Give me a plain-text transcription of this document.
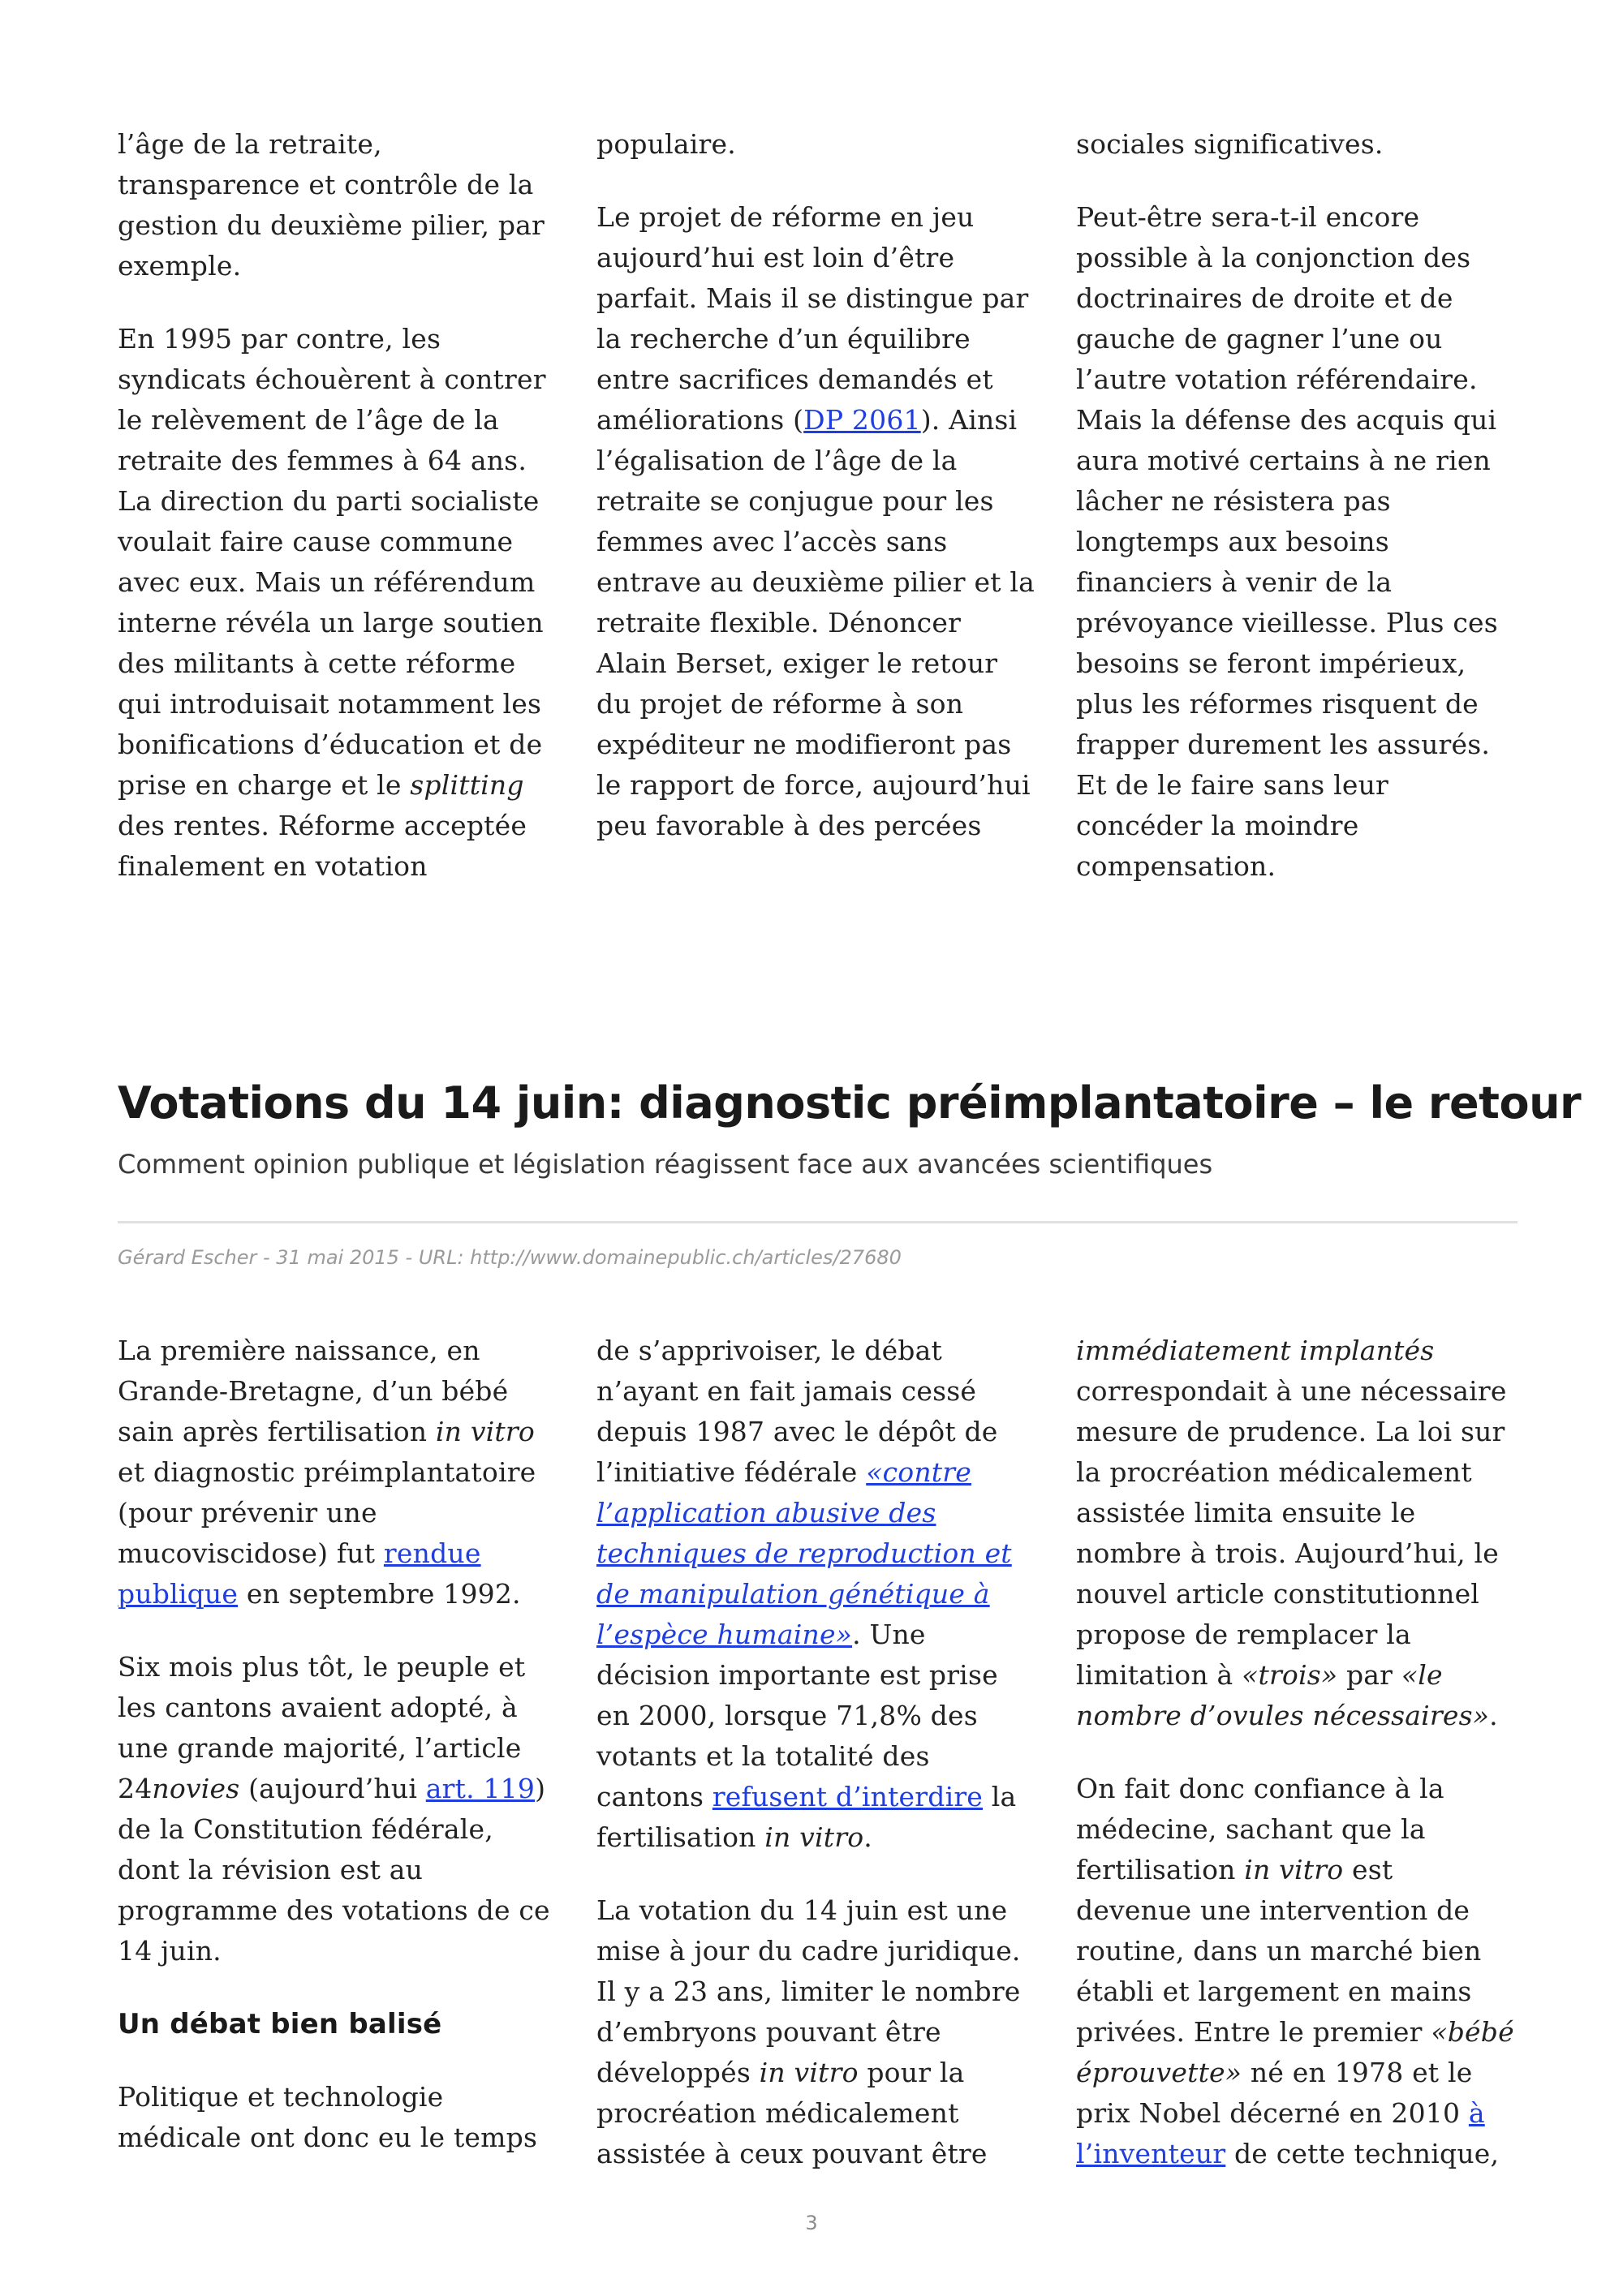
l’âge de la retraite, transparence et contrôle de la gestion du deuxième pilier, par exemple.

En 1995 par contre, les syndicats échouèrent à contrer le relèvement de l’âge de la retraite des femmes à 64 ans. La direction du parti socialiste voulait faire cause commune avec eux. Mais un référendum interne révéla un large soutien des militants à cette réforme qui introduisait notamment les bonifications d’éducation et de prise en charge et le splitting des rentes. Réforme acceptée finalement en votation

populaire.

Le projet de réforme en jeu aujourd’hui est loin d’être parfait. Mais il se distingue par la recherche d’un équilibre entre sacrifices demandés et améliorations (DP 2061). Ainsi l’égalisation de l’âge de la retraite se conjugue pour les femmes avec l’accès sans entrave au deuxième pilier et la retraite flexible. Dénoncer Alain Berset, exiger le retour du projet de réforme à son expéditeur ne modifieront pas le rapport de force, aujourd’hui peu favorable à des percées

sociales significatives.

Peut-être sera-t-il encore possible à la conjonction des doctrinaires de droite et de gauche de gagner l’une ou l’autre votation référendaire. Mais la défense des acquis qui aura motivé certains à ne rien lâcher ne résistera pas longtemps aux besoins financiers à venir de la prévoyance vieillesse. Plus ces besoins se feront impérieux, plus les réformes risquent de frapper durement les assurés. Et de le faire sans leur concéder la moindre compensation.

Votations du 14 juin: diagnostic préimplantatoire – le retour
Comment opinion publique et législation réagissent face aux avancées scientifiques
Gérard Escher - 31 mai 2015 - URL: http://www.domainepublic.ch/articles/27680

La première naissance, en Grande-Bretagne, d’un bébé sain après fertilisation in vitro et diagnostic préimplantatoire (pour prévenir une mucoviscidose) fut rendue publique en septembre 1992.

Six mois plus tôt, le peuple et les cantons avaient adopté, à une grande majorité, l’article 24novies (aujourd’hui art. 119) de la Constitution fédérale, dont la révision est au programme des votations de ce 14 juin.

Un débat bien balisé

Politique et technologie médicale ont donc eu le temps

de s’apprivoiser, le débat n’ayant en fait jamais cessé depuis 1987 avec le dépôt de l’initiative fédérale «contre l’application abusive des techniques de reproduction et de manipulation génétique à l’espèce humaine». Une décision importante est prise en 2000, lorsque 71,8% des votants et la totalité des cantons refusent d’interdire la fertilisation in vitro.

La votation du 14 juin est une mise à jour du cadre juridique. Il y a 23 ans, limiter le nombre d’embryons pouvant être développés in vitro pour la procréation médicalement assistée à ceux pouvant être

immédiatement implantés correspondait à une nécessaire mesure de prudence. La loi sur la procréation médicalement assistée limita ensuite le nombre à trois. Aujourd’hui, le nouvel article constitutionnel propose de remplacer la limitation à «trois» par «le nombre d’ovules nécessaires».

On fait donc confiance à la médecine, sachant que la fertilisation in vitro est devenue une intervention de routine, dans un marché bien établi et largement en mains privées. Entre le premier «bébé éprouvette» né en 1978 et le prix Nobel décerné en 2010 à l’inventeur de cette technique,

3
